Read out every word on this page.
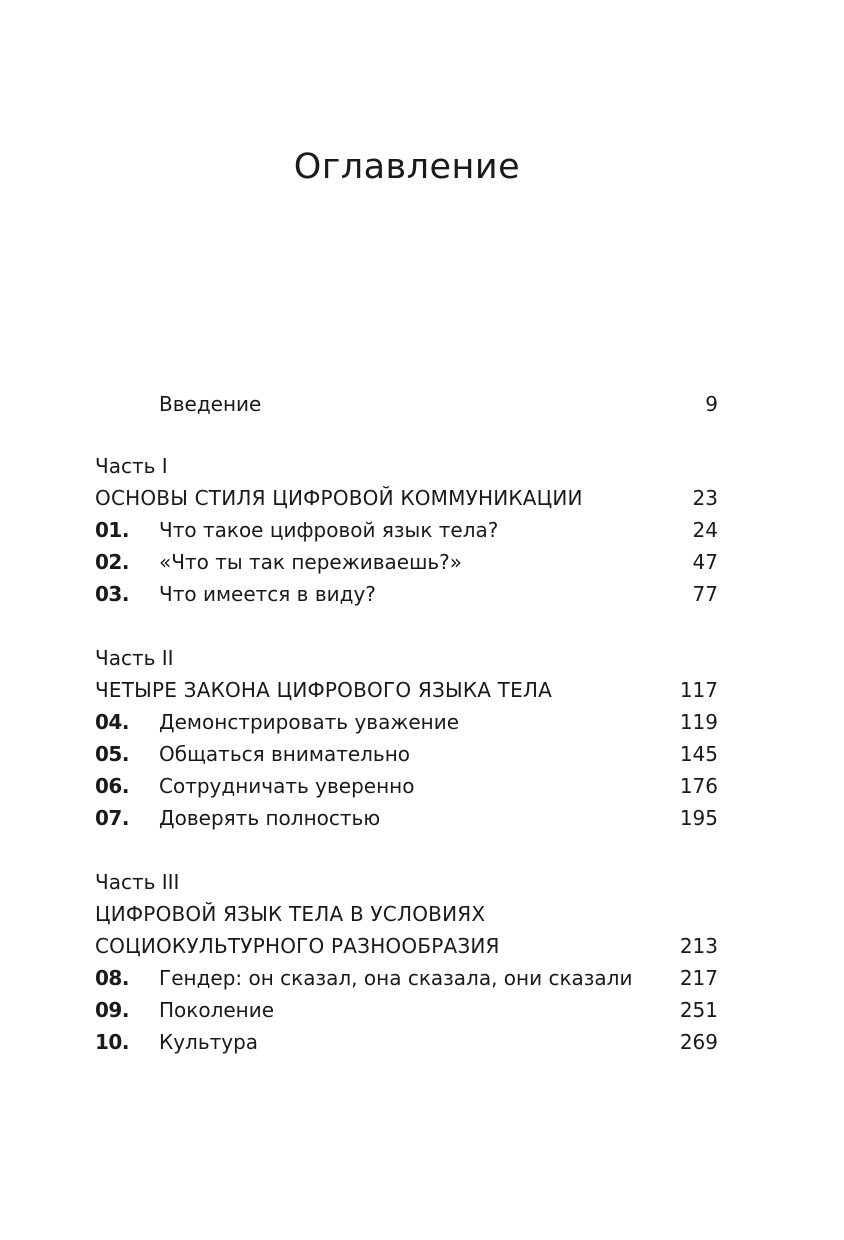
Оглавление
Введение	9
Часть I
ОСНОВЫ СТИЛЯ ЦИФРОВОЙ КОММУНИКАЦИИ	23
01. Что такое цифровой язык тела?	24
02. «Что ты так переживаешь?»	47
03. Что имеется в виду?	77
Часть II
ЧЕТЫРЕ ЗАКОНА ЦИФРОВОГО ЯЗЫКА ТЕЛА	117
04. Демонстрировать уважение	119
05. Общаться внимательно	145
06. Сотрудничать уверенно	176
07. Доверять полностью	195
Часть III
ЦИФРОВОЙ ЯЗЫК ТЕЛА В УСЛОВИЯХ
СОЦИОКУЛЬТУРНОГО РАЗНООБРАЗИЯ	213
08. Гендер: он сказал, она сказала, они сказали 217
09. Поколение	251
10. Культура	269
